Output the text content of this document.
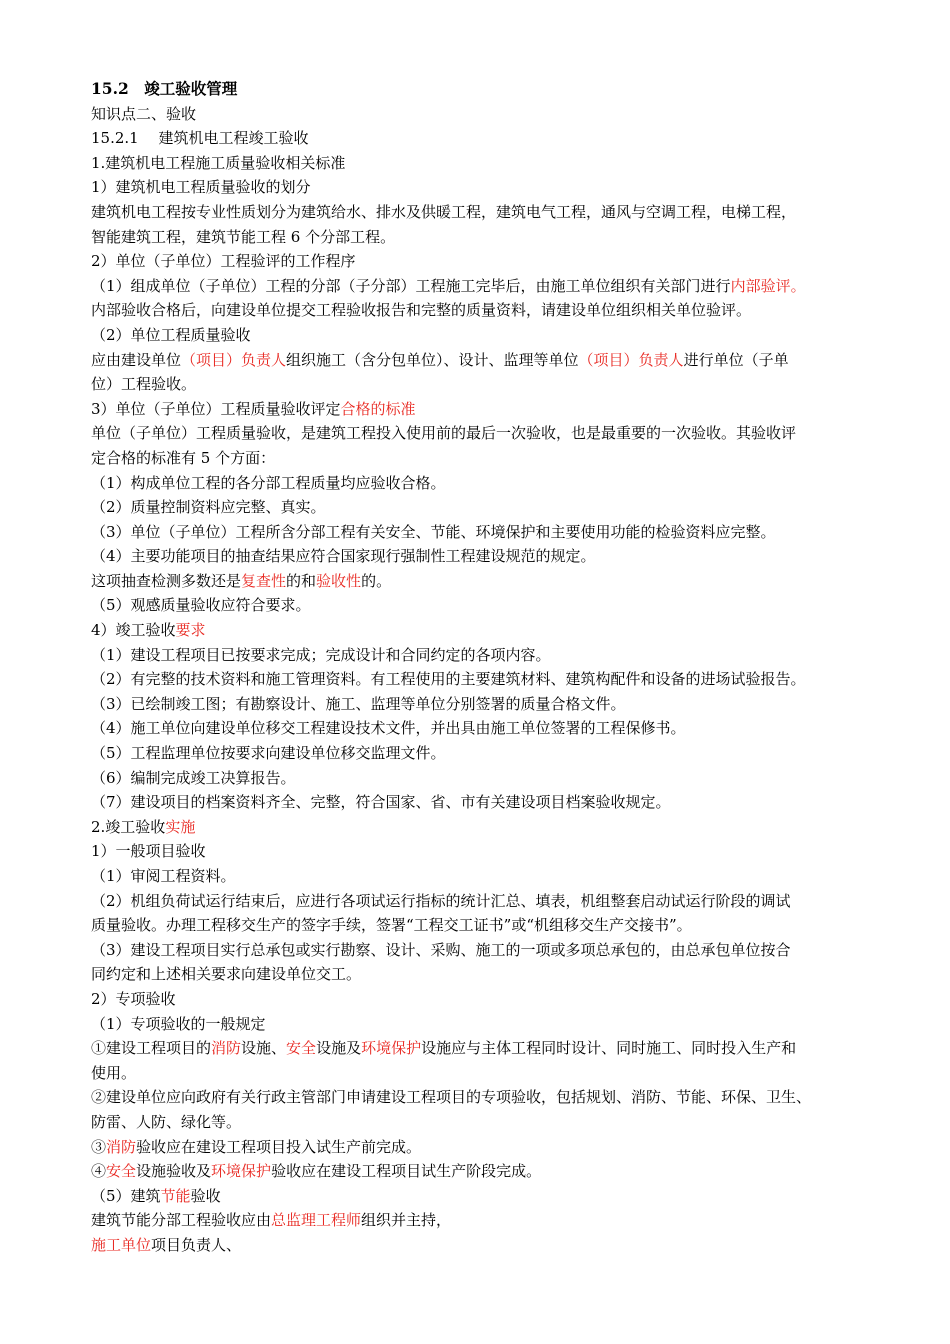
15.2　竣工验收管理
知识点二、验收
15.2.1　 建筑机电工程竣工验收
1.建筑机电工程施工质量验收相关标准
1）建筑机电工程质量验收的划分
建筑机电工程按专业性质划分为建筑给水、排水及供暖工程，建筑电气工程，通风与空调工程，电梯工程，
智能建筑工程，建筑节能工程 6 个分部工程。
2）单位（子单位）工程验评的工作程序
（1）组成单位（子单位）工程的分部（子分部）工程施工完毕后，由施工单位组织有关部门进行内部验评。
内部验收合格后，向建设单位提交工程验收报告和完整的质量资料，请建设单位组织相关单位验评。
（2）单位工程质量验收
应由建设单位（项目）负责人组织施工（含分包单位）、设计、监理等单位（项目）负责人进行单位（子单
位）工程验收。
3）单位（子单位）工程质量验收评定合格的标准
单位（子单位）工程质量验收，是建筑工程投入使用前的最后一次验收，也是最重要的一次验收。其验收评
定合格的标准有 5 个方面：
（1）构成单位工程的各分部工程质量均应验收合格。
（2）质量控制资料应完整、真实。
（3）单位（子单位）工程所含分部工程有关安全、节能、环境保护和主要使用功能的检验资料应完整。
（4）主要功能项目的抽查结果应符合国家现行强制性工程建设规范的规定。
这项抽查检测多数还是复查性的和验收性的。
（5）观感质量验收应符合要求。
4）竣工验收要求
（1）建设工程项目已按要求完成；完成设计和合同约定的各项内容。
（2）有完整的技术资料和施工管理资料。有工程使用的主要建筑材料、建筑构配件和设备的进场试验报告。
（3）已绘制竣工图；有勘察设计、施工、监理等单位分别签署的质量合格文件。
（4）施工单位向建设单位移交工程建设技术文件，并出具由施工单位签署的工程保修书。
（5）工程监理单位按要求向建设单位移交监理文件。
（6）编制完成竣工决算报告。
（7）建设项目的档案资料齐全、完整，符合国家、省、市有关建设项目档案验收规定。
2.竣工验收实施
1）一般项目验收
（1）审阅工程资料。
（2）机组负荷试运行结束后，应进行各项试运行指标的统计汇总、填表，机组整套启动试运行阶段的调试
质量验收。办理工程移交生产的签字手续，签署“工程交工证书”或“机组移交生产交接书”。
（3）建设工程项目实行总承包或实行勘察、设计、采购、施工的一项或多项总承包的，由总承包单位按合
同约定和上述相关要求向建设单位交工。
2）专项验收
（1）专项验收的一般规定
①建设工程项目的消防设施、安全设施及环境保护设施应与主体工程同时设计、同时施工、同时投入生产和
使用。
②建设单位应向政府有关行政主管部门申请建设工程项目的专项验收，包括规划、消防、节能、环保、卫生、
防雷、人防、绿化等。
③消防验收应在建设工程项目投入试生产前完成。
④安全设施验收及环境保护验收应在建设工程项目试生产阶段完成。
（5）建筑节能验收
建筑节能分部工程验收应由总监理工程师组织并主持，
施工单位项目负责人、
